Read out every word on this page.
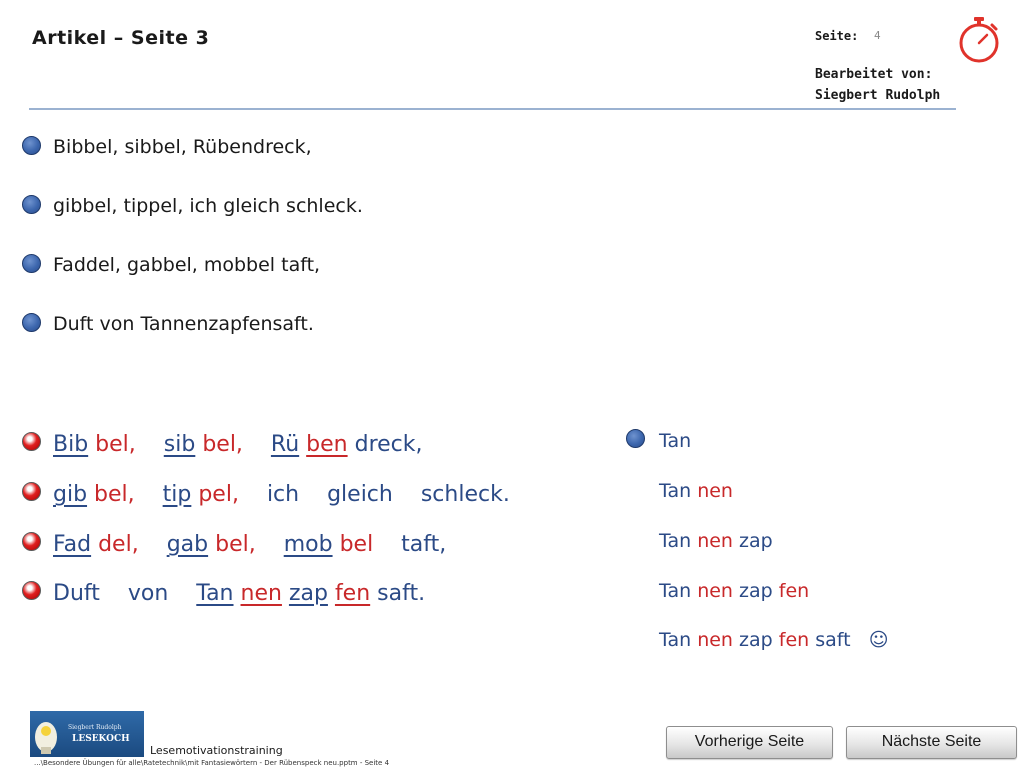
Artikel – Seite 3	Seite: 4
Bearbeitet von:
Siegbert Rudolph
Bibbel, sibbel, Rübendreck,
gibbel, tippel, ich gleich schleck.
Faddel, gabbel, mobbel taft,
Duft von Tannenzapfensaft.
Bib bel, sib bel, Rü ben dreck,
gib bel, tip pel, ich gleich schleck.
Fad del, gab bel, mob bel taft,
Duft von Tan nen zap fen saft.
Tan
Tan nen
Tan nen zap
Tan nen zap fen
Tan nen zap fen saft   ☺
Siegbert Rudolph
LESEKOCH
Lesemotivationstraining
...\Besondere Übungen für alle\Ratetechnik\mit Fantasiewörtern - Der Rübenspeck neu.pptm - Seite 4
Vorherige Seite	Nächste Seite
